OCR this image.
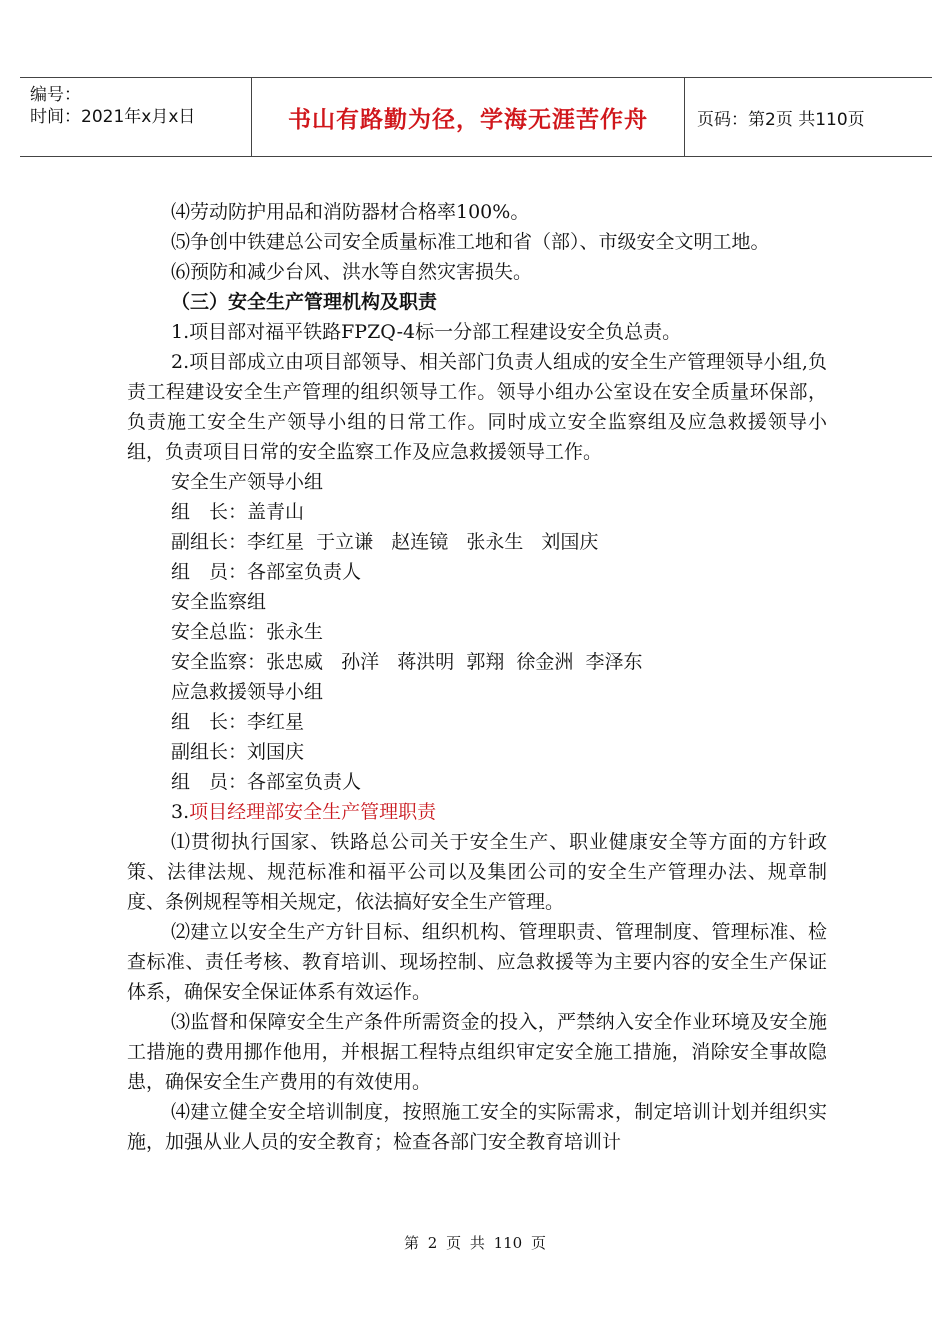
编号：
时间：2021年x月x日	书山有路勤为径，学海无涯苦作舟	页码：第2页 共110页

⑷劳动防护用品和消防器材合格率100%。

⑸争创中铁建总公司安全质量标准工地和省（部）、市级安全文明工地。

⑹预防和减少台风、洪水等自然灾害损失。

（三）安全生产管理机构及职责

1.项目部对福平铁路FPZQ-4标一分部工程建设安全负总责。

2.项目部成立由项目部领导、相关部门负责人组成的安全生产管理领导小组,负责工程建设安全生产管理的组织领导工作。领导小组办公室设在安全质量环保部，负责施工安全生产领导小组的日常工作。同时成立安全监察组及应急救援领导小组，负责项目日常的安全监察工作及应急救援领导工作。

安全生产领导小组

组　长：盖青山

副组长：李红星  于立谦   赵连镜   张永生   刘国庆

组　员：各部室负责人

安全监察组

安全总监：张永生

安全监察：张忠威   孙洋   蒋洪明  郭翔  徐金洲  李泽东

应急救援领导小组

组　长：李红星

副组长：刘国庆

组　员：各部室负责人

3.项目经理部安全生产管理职责

⑴贯彻执行国家、铁路总公司关于安全生产、职业健康安全等方面的方针政策、法律法规、规范标准和福平公司以及集团公司的安全生产管理办法、规章制度、条例规程等相关规定，依法搞好安全生产管理。

⑵建立以安全生产方针目标、组织机构、管理职责、管理制度、管理标准、检查标准、责任考核、教育培训、现场控制、应急救援等为主要内容的安全生产保证体系，确保安全保证体系有效运作。

⑶监督和保障安全生产条件所需资金的投入，严禁纳入安全作业环境及安全施工措施的费用挪作他用，并根据工程特点组织审定安全施工措施，消除安全事故隐患，确保安全生产费用的有效使用。

⑷建立健全安全培训制度，按照施工安全的实际需求，制定培训计划并组织实施，加强从业人员的安全教育；检查各部门安全教育培训计

第 2 页 共 110 页
